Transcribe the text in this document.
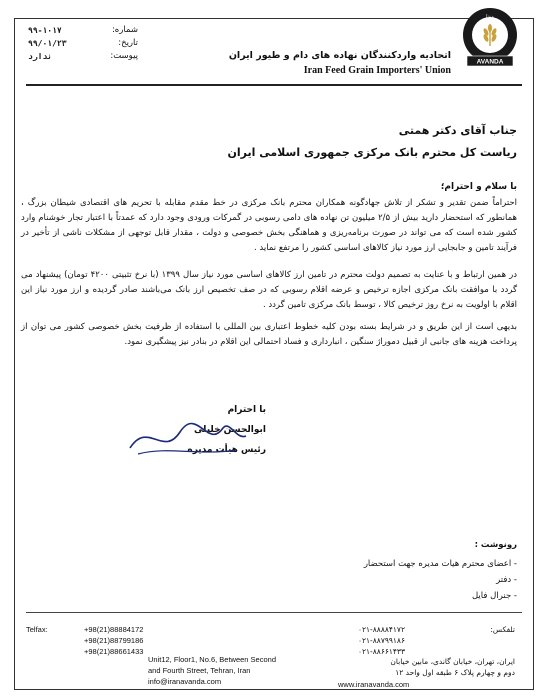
شماره:
۹۹-۱۰۱۷
تاریخ:
۹۹/۰۱/۲۳
پیوست:
ندارد
وندا
AVANDA
اتحادیه واردکنندگان نهاده های دام و طیور ایران
Iran Feed Grain Importers' Union
جناب آقای دکتر همتی
ریاست کل محترم بانک مرکزی جمهوری اسلامی ایران
با سلام و احترام؛

احتراماً ضمن تقدیر و تشکر از تلاش جهادگونه همکاران محترم بانک مرکزی در خط مقدم مقابله با تحریم های اقتصادی شیطان بزرگ ، همانطور که استحضار دارید بیش از ۲/۵ میلیون تن نهاده های دامی رسوبی در گمرکات ورودی وجود دارد که عمدتاً با اعتبار تجار خوشنام وارد کشور شده است که می تواند در صورت برنامه‌ریزی و هماهنگی بخش خصوصی و دولت ، مقدار قابل توجهی از مشکلات ناشی از تأخیر در فرآیند تامین و جابجایی ارز مورد نیاز کالاهای اساسی کشور را مرتفع نماید .

در همین ارتباط و با عنایت به تصمیم دولت محترم در تامین ارز کالاهای اساسی مورد نیاز سال ۱۳۹۹ (با نرخ تثبیتی ۴۲۰۰ تومان) پیشنهاد می گردد با موافقت بانک مرکزی اجازه ترخیص و عرضه اقلام رسوبی که در صف تخصیص ارز بانک می‌باشند صادر گردیده و ارز مورد نیاز این اقلام با اولویت به نرخ روز ترخیص کالا ، توسط بانک مرکزی تامین گردد .

بدیهی است از این طریق و در شرایط بسته بودن کلیه خطوط اعتباری بین المللی با استفاده از ظرفیت بخش خصوصی کشور می توان از پرداخت هزینه های جانبی از قبیل دموراژ سنگین ، انبارداری و فساد احتمالی این اقلام در بنادر نیز پیشگیری نمود.

با احترام
ابوالحسن خلیلی
رئیس هیأت مدیره
رونوشت :
- اعضای محترم هیات مدیره جهت استحضار
- دفتر
- جنرال فایل
Telfax:	+98(21)88884172
+98(21)88799186
+98(21)88661433
Unit12, Floor1, No.6, Between Second
and Fourth Street, Tehran, Iran
info@iranavanda.com
تلفکس:
۰۲۱-۸۸۸۸۴۱۷۲
۰۲۱-۸۸۷۹۹۱۸۶
۰۲۱-۸۸۶۶۱۴۳۳
ایران، تهران، خیابان گاندی، مابین خیابان
دوم و چهارم پلاک ۶ طبقه اول واحد ۱۲
www.iranavanda.com
